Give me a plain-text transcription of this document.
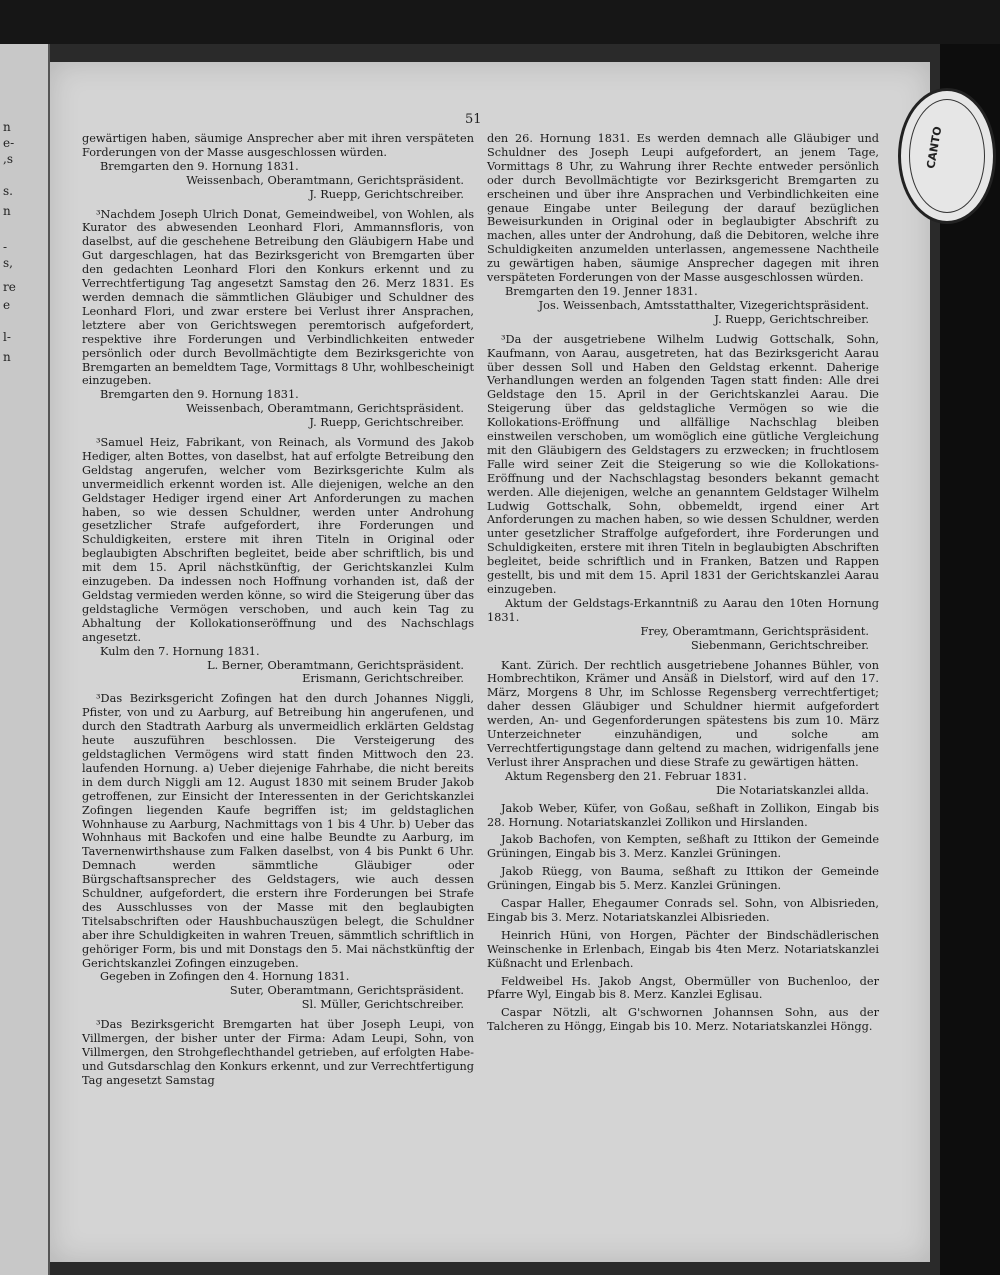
n
e-
,s
s.
n
-
s,
re
e
l-
n
CANTO
51

gewärtigen haben, säumige Ansprecher aber mit ihren verspäteten Forderungen von der Masse ausgeschlossen würden.

Bremgarten den 9. Hornung 1831.

Weissenbach, Oberamtmann, Gerichtspräsident.

J. Ruepp, Gerichtschreiber.

³Nachdem Joseph Ulrich Donat, Gemeindweibel, von Wohlen, als Kurator des abwesenden Leonhard Flori, Ammannsfloris, von daselbst, auf die geschehene Betreibung den Gläubigern Habe und Gut dargeschlagen, hat das Bezirksgericht von Bremgarten über den gedachten Leonhard Flori den Konkurs erkennt und zu Verrechtfertigung Tag angesetzt Samstag den 26. Merz 1831. Es werden demnach die sämmtlichen Gläubiger und Schuldner des Leonhard Flori, und zwar erstere bei Verlust ihrer Ansprachen, letztere aber von Gerichtswegen peremtorisch aufgefordert, respektive ihre Forderungen und Verbindlichkeiten entweder persönlich oder durch Bevollmächtigte dem Bezirksgerichte von Bremgarten an bemeldtem Tage, Vormittags 8 Uhr, wohlbescheinigt einzugeben.

Bremgarten den 9. Hornung 1831.

Weissenbach, Oberamtmann, Gerichtspräsident.

J. Ruepp, Gerichtschreiber.

³Samuel Heiz, Fabrikant, von Reinach, als Vormund des Jakob Hediger, alten Bottes, von daselbst, hat auf erfolgte Betreibung den Geldstag angerufen, welcher vom Bezirksgerichte Kulm als unvermeidlich erkennt worden ist. Alle diejenigen, welche an den Geldstager Hediger irgend einer Art Anforderungen zu machen haben, so wie dessen Schuldner, werden unter Androhung gesetzlicher Strafe aufgefordert, ihre Forderungen und Schuldigkeiten, erstere mit ihren Titeln in Original oder beglaubigten Abschriften begleitet, beide aber schriftlich, bis und mit dem 15. April nächstkünftig, der Gerichtskanzlei Kulm einzugeben. Da indessen noch Hoffnung vorhanden ist, daß der Geldstag vermieden werden könne, so wird die Steigerung über das geldstagliche Vermögen verschoben, und auch kein Tag zu Abhaltung der Kollokationseröffnung und des Nachschlags angesetzt.

Kulm den 7. Hornung 1831.

L. Berner, Oberamtmann, Gerichtspräsident.

Erismann, Gerichtschreiber.

³Das Bezirksgericht Zofingen hat den durch Johannes Niggli, Pfister, von und zu Aarburg, auf Betreibung hin angerufenen, und durch den Stadtrath Aarburg als unvermeidlich erklärten Geldstag heute auszuführen beschlossen. Die Versteigerung des geldstaglichen Vermögens wird statt finden Mittwoch den 23. laufenden Hornung. a) Ueber diejenige Fahrhabe, die nicht bereits in dem durch Niggli am 12. August 1830 mit seinem Bruder Jakob getroffenen, zur Einsicht der Interessenten in der Gerichtskanzlei Zofingen liegenden Kaufe begriffen ist; im geldstaglichen Wohnhause zu Aarburg, Nachmittags von 1 bis 4 Uhr. b) Ueber das Wohnhaus mit Backofen und eine halbe Beundte zu Aarburg, im Tavernenwirthshause zum Falken daselbst, von 4 bis Punkt 6 Uhr. Demnach werden sämmtliche Gläubiger oder Bürgschaftsansprecher des Geldstagers, wie auch dessen Schuldner, aufgefordert, die erstern ihre Forderungen bei Strafe des Ausschlusses von der Masse mit den beglaubigten Titelsabschriften oder Haushbuchauszügen belegt, die Schuldner aber ihre Schuldigkeiten in wahren Treuen, sämmtlich schriftlich in gehöriger Form, bis und mit Donstags den 5. Mai nächstkünftig der Gerichtskanzlei Zofingen einzugeben.

Gegeben in Zofingen den 4. Hornung 1831.

Suter, Oberamtmann, Gerichtspräsident.

Sl. Müller, Gerichtschreiber.

³Das Bezirksgericht Bremgarten hat über Joseph Leupi, von Villmergen, der bisher unter der Firma: Adam Leupi, Sohn, von Villmergen, den Strohgeflechthandel getrieben, auf erfolgten Habe- und Gutsdarschlag den Konkurs erkennt, und zur Verrechtfertigung Tag angesetzt Samstag

den 26. Hornung 1831. Es werden demnach alle Gläubiger und Schuldner des Joseph Leupi aufgefordert, an jenem Tage, Vormittags 8 Uhr, zu Wahrung ihrer Rechte entweder persönlich oder durch Bevollmächtigte vor Bezirksgericht Bremgarten zu erscheinen und über ihre Ansprachen und Verbindlichkeiten eine genaue Eingabe unter Beilegung der darauf bezüglichen Beweisurkunden in Original oder in beglaubigter Abschrift zu machen, alles unter der Androhung, daß die Debitoren, welche ihre Schuldigkeiten anzumelden unterlassen, angemessene Nachtheile zu gewärtigen haben, säumige Ansprecher dagegen mit ihren verspäteten Forderungen von der Masse ausgeschlossen würden.

Bremgarten den 19. Jenner 1831.

Jos. Weissenbach, Amtsstatthalter, Vizegerichtspräsident.

J. Ruepp, Gerichtschreiber.

³Da der ausgetriebene Wilhelm Ludwig Gottschalk, Sohn, Kaufmann, von Aarau, ausgetreten, hat das Bezirksgericht Aarau über dessen Soll und Haben den Geldstag erkennt. Daherige Verhandlungen werden an folgenden Tagen statt finden: Alle drei Geldstage den 15. April in der Gerichtskanzlei Aarau. Die Steigerung über das geldstagliche Vermögen so wie die Kollokations-Eröffnung und allfällige Nachschlag bleiben einstweilen verschoben, um womöglich eine gütliche Vergleichung mit den Gläubigern des Geldstagers zu erzwecken; in fruchtlosem Falle wird seiner Zeit die Steigerung so wie die Kollokations-Eröffnung und der Nachschlagstag besonders bekannt gemacht werden. Alle diejenigen, welche an genanntem Geldstager Wilhelm Ludwig Gottschalk, Sohn, obbemeldt, irgend einer Art Anforderungen zu machen haben, so wie dessen Schuldner, werden unter gesetzlicher Straffolge aufgefordert, ihre Forderungen und Schuldigkeiten, erstere mit ihren Titeln in beglaubigten Abschriften begleitet, beide schriftlich und in Franken, Batzen und Rappen gestellt, bis und mit dem 15. April 1831 der Gerichtskanzlei Aarau einzugeben.

Aktum der Geldstags-Erkanntniß zu Aarau den 10ten Hornung 1831.

Frey, Oberamtmann, Gerichtspräsident.

Siebenmann, Gerichtschreiber.

Kant. Zürich. Der rechtlich ausgetriebene Johannes Bühler, von Hombrechtikon, Krämer und Ansäß in Dielstorf, wird auf den 17. März, Morgens 8 Uhr, im Schlosse Regensberg verrechtfertiget; daher dessen Gläubiger und Schuldner hiermit aufgefordert werden, An- und Gegenforderungen spätestens bis zum 10. März Unterzeichneter einzuhändigen, und solche am Verrechtfertigungstage dann geltend zu machen, widrigenfalls jene Verlust ihrer Ansprachen und diese Strafe zu gewärtigen hätten.

Aktum Regensberg den 21. Februar 1831.

Die Notariatskanzlei allda.

Jakob Weber, Küfer, von Goßau, seßhaft in Zollikon, Eingab bis 28. Hornung. Notariatskanzlei Zollikon und Hirslanden.

Jakob Bachofen, von Kempten, seßhaft zu Ittikon der Gemeinde Grüningen, Eingab bis 3. Merz. Kanzlei Grüningen.

Jakob Rüegg, von Bauma, seßhaft zu Ittikon der Gemeinde Grüningen, Eingab bis 5. Merz. Kanzlei Grüningen.

Caspar Haller, Ehegaumer Conrads sel. Sohn, von Albisrieden, Eingab bis 3. Merz. Notariatskanzlei Albisrieden.

Heinrich Hüni, von Horgen, Pächter der Bindschädlerischen Weinschenke in Erlenbach, Eingab bis 4ten Merz. Notariatskanzlei Küßnacht und Erlenbach.

Feldweibel Hs. Jakob Angst, Obermüller von Buchenloo, der Pfarre Wyl, Eingab bis 8. Merz. Kanzlei Eglisau.

Caspar Nötzli, alt G'schwornen Johannsen Sohn, aus der Talcheren zu Höngg, Eingab bis 10. Merz. Notariatskanzlei Höngg.
